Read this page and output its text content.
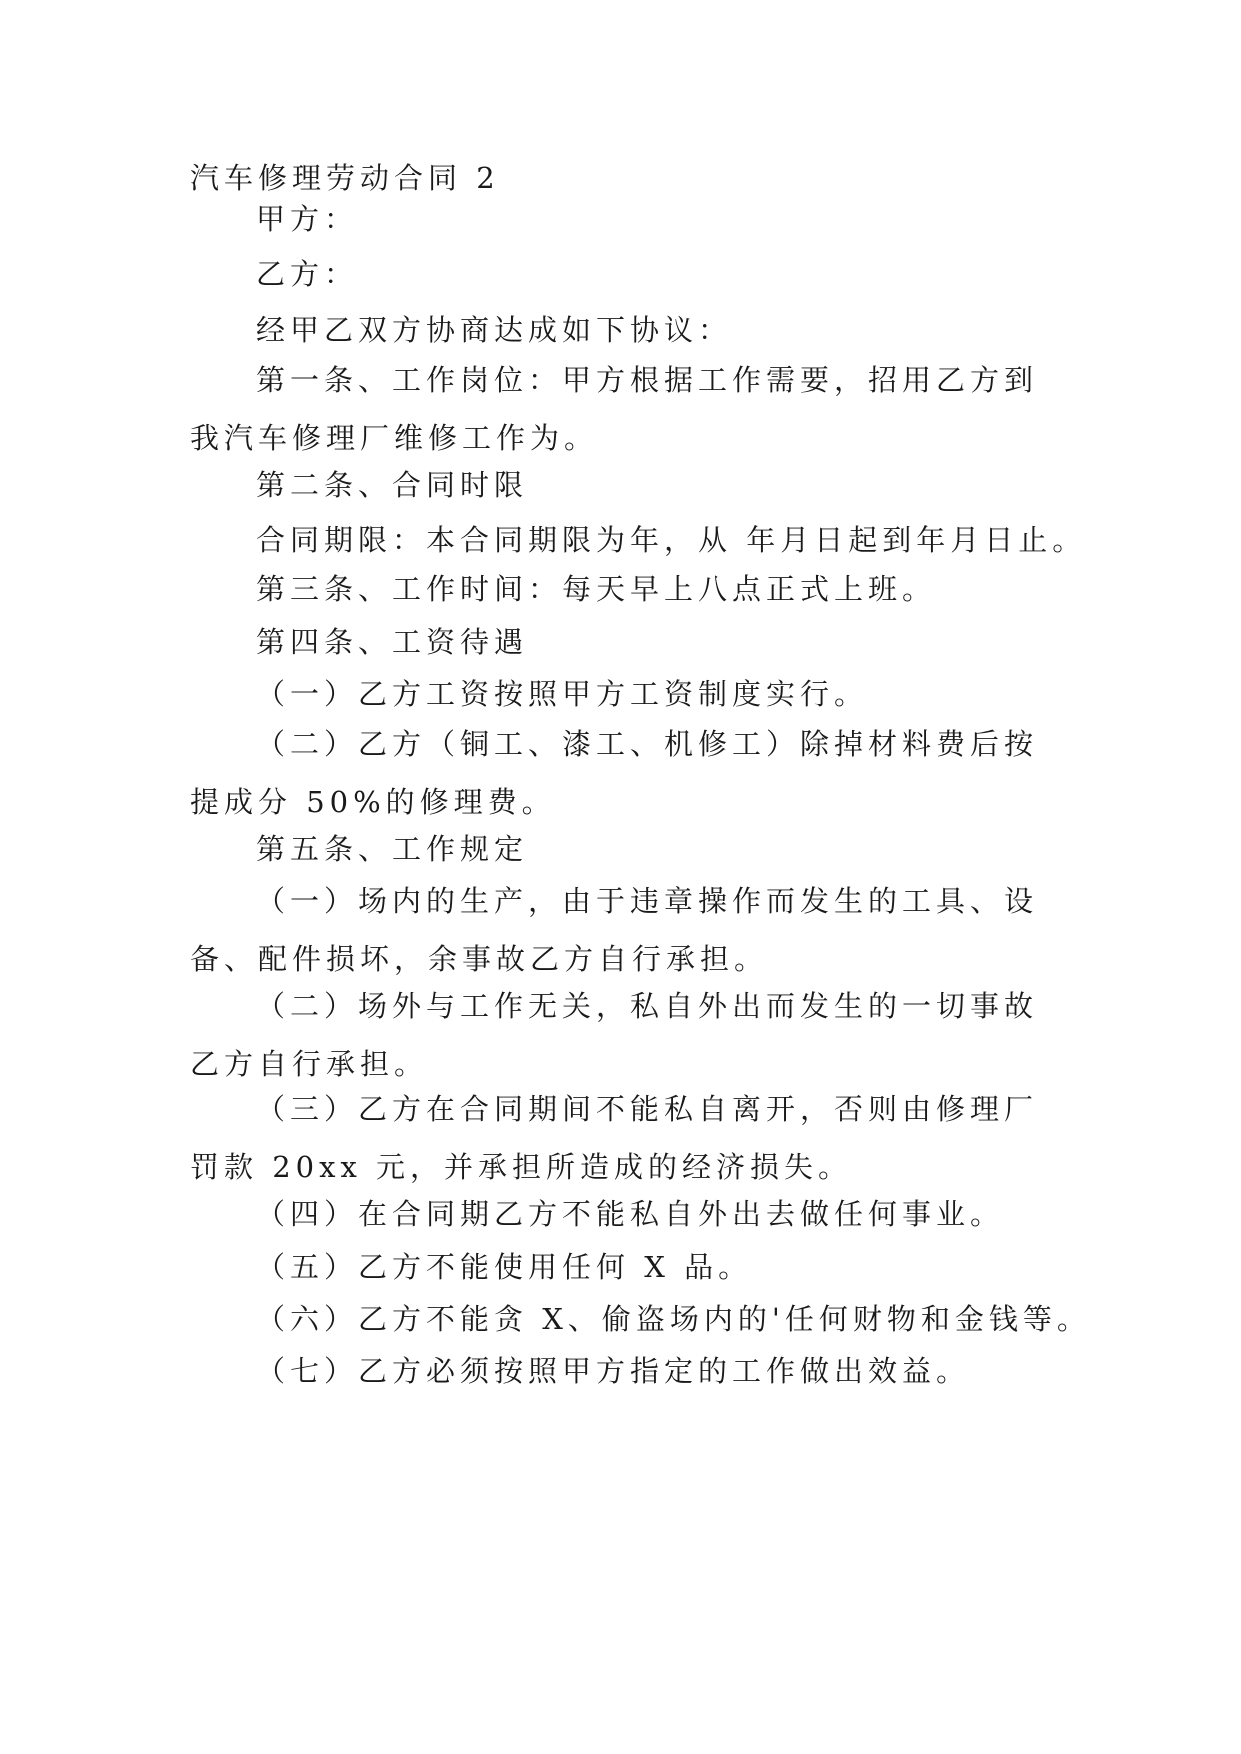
汽车修理劳动合同 2

甲方：

乙方：

经甲乙双方协商达成如下协议：

第一条、工作岗位：甲方根据工作需要，招用乙方到我汽车修理厂维修工作为。

第二条、合同时限

合同期限：本合同期限为年，从 年月日起到年月日止。

第三条、工作时间：每天早上八点正式上班。

第四条、工资待遇

（一）乙方工资按照甲方工资制度实行。

（二）乙方（铜工、漆工、机修工）除掉材料费后按提成分 50%的修理费。

第五条、工作规定

（一）场内的生产，由于违章操作而发生的工具、设备、配件损坏，余事故乙方自行承担。

（二）场外与工作无关，私自外出而发生的一切事故乙方自行承担。

（三）乙方在合同期间不能私自离开，否则由修理厂罚款 20xx 元，并承担所造成的经济损失。

（四）在合同期乙方不能私自外出去做任何事业。

（五）乙方不能使用任何 X 品。

（六）乙方不能贪 X、偷盗场内的'任何财物和金钱等。

（七）乙方必须按照甲方指定的工作做出效益。
